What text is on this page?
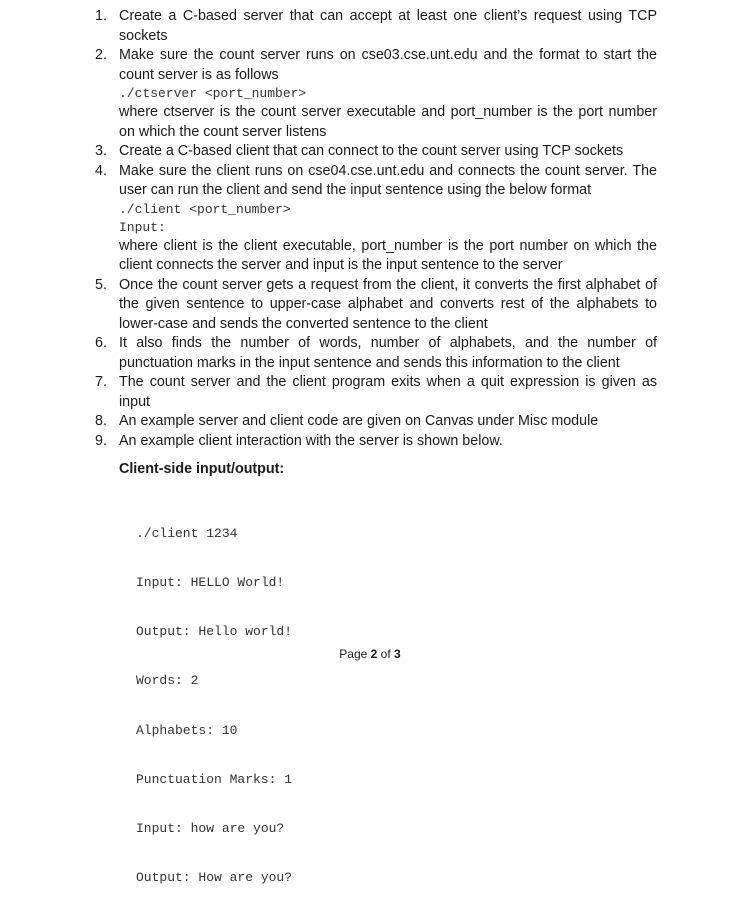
1. Create a C-based server that can accept at least one client’s request using TCP sockets
2. Make sure the count server runs on cse03.cse.unt.edu and the format to start the count server is as follows
./ctserver <port_number>
where ctserver is the count server executable and port_number is the port number on which the count server listens
3. Create a C-based client that can connect to the count server using TCP sockets
4. Make sure the client runs on cse04.cse.unt.edu and connects the count server. The user can run the client and send the input sentence using the below format
./client <port_number>
Input:
where client is the client executable, port_number is the port number on which the client connects the server and input is the input sentence to the server
5. Once the count server gets a request from the client, it converts the first alphabet of the given sentence to upper-case alphabet and converts rest of the alphabets to lower-case and sends the converted sentence to the client
6. It also finds the number of words, number of alphabets, and the number of punctuation marks in the input sentence and sends this information to the client
7. The count server and the client program exits when a quit expression is given as input
8. An example server and client code are given on Canvas under Misc module
9. An example client interaction with the server is shown below.
Client-side input/output:

./client 1234

Input: HELLO World!

Output: Hello world!

Words: 2

Alphabets: 10

Punctuation Marks: 1

Input: how are you?

Output: How are you?

Page 2 of 3
